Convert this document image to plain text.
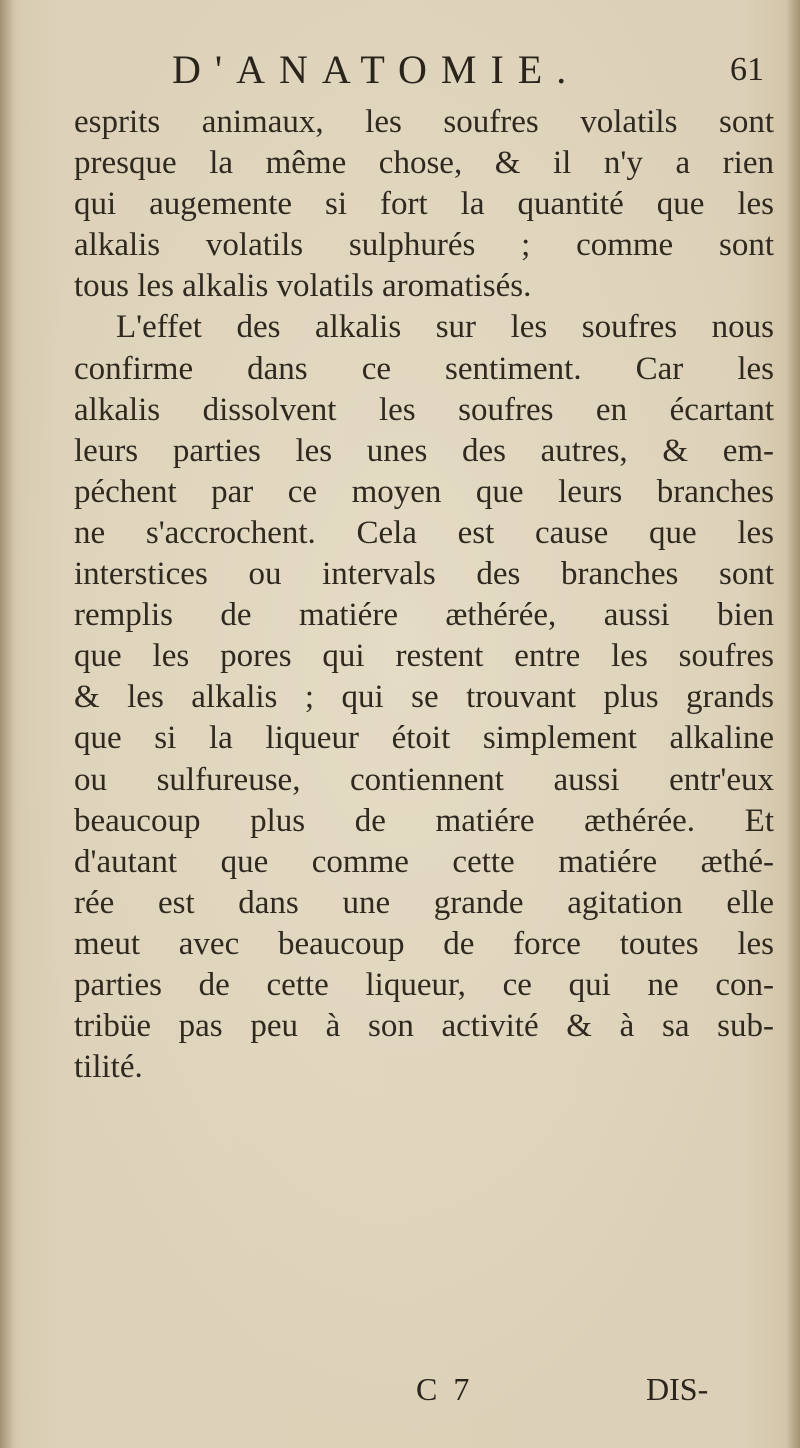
D'ANATOMIE.	61
esprits animaux, les soufres volatils sont
presque la même chose, & il n'y a rien
qui augemente si fort la quantité que les
alkalis volatils sulphurés ; comme sont
tous les alkalis volatils aromatisés.
L'effet des alkalis sur les soufres nous
confirme dans ce sentiment. Car les
alkalis dissolvent les soufres en écartant
leurs parties les unes des autres, & em-
péchent par ce moyen que leurs branches
ne s'accrochent. Cela est cause que les
interstices ou intervals des branches sont
remplis de matiére æthérée, aussi bien
que les pores qui restent entre les soufres
& les alkalis ; qui se trouvant plus grands
que si la liqueur étoit simplement alkaline
ou sulfureuse, contiennent aussi entr'eux
beaucoup plus de matiére æthérée. Et
d'autant que comme cette matiére æthé-
rée est dans une grande agitation elle
meut avec beaucoup de force toutes les
parties de cette liqueur, ce qui ne con-
tribüe pas peu à son activité & à sa sub-
tilité.
C 7	DIS-
